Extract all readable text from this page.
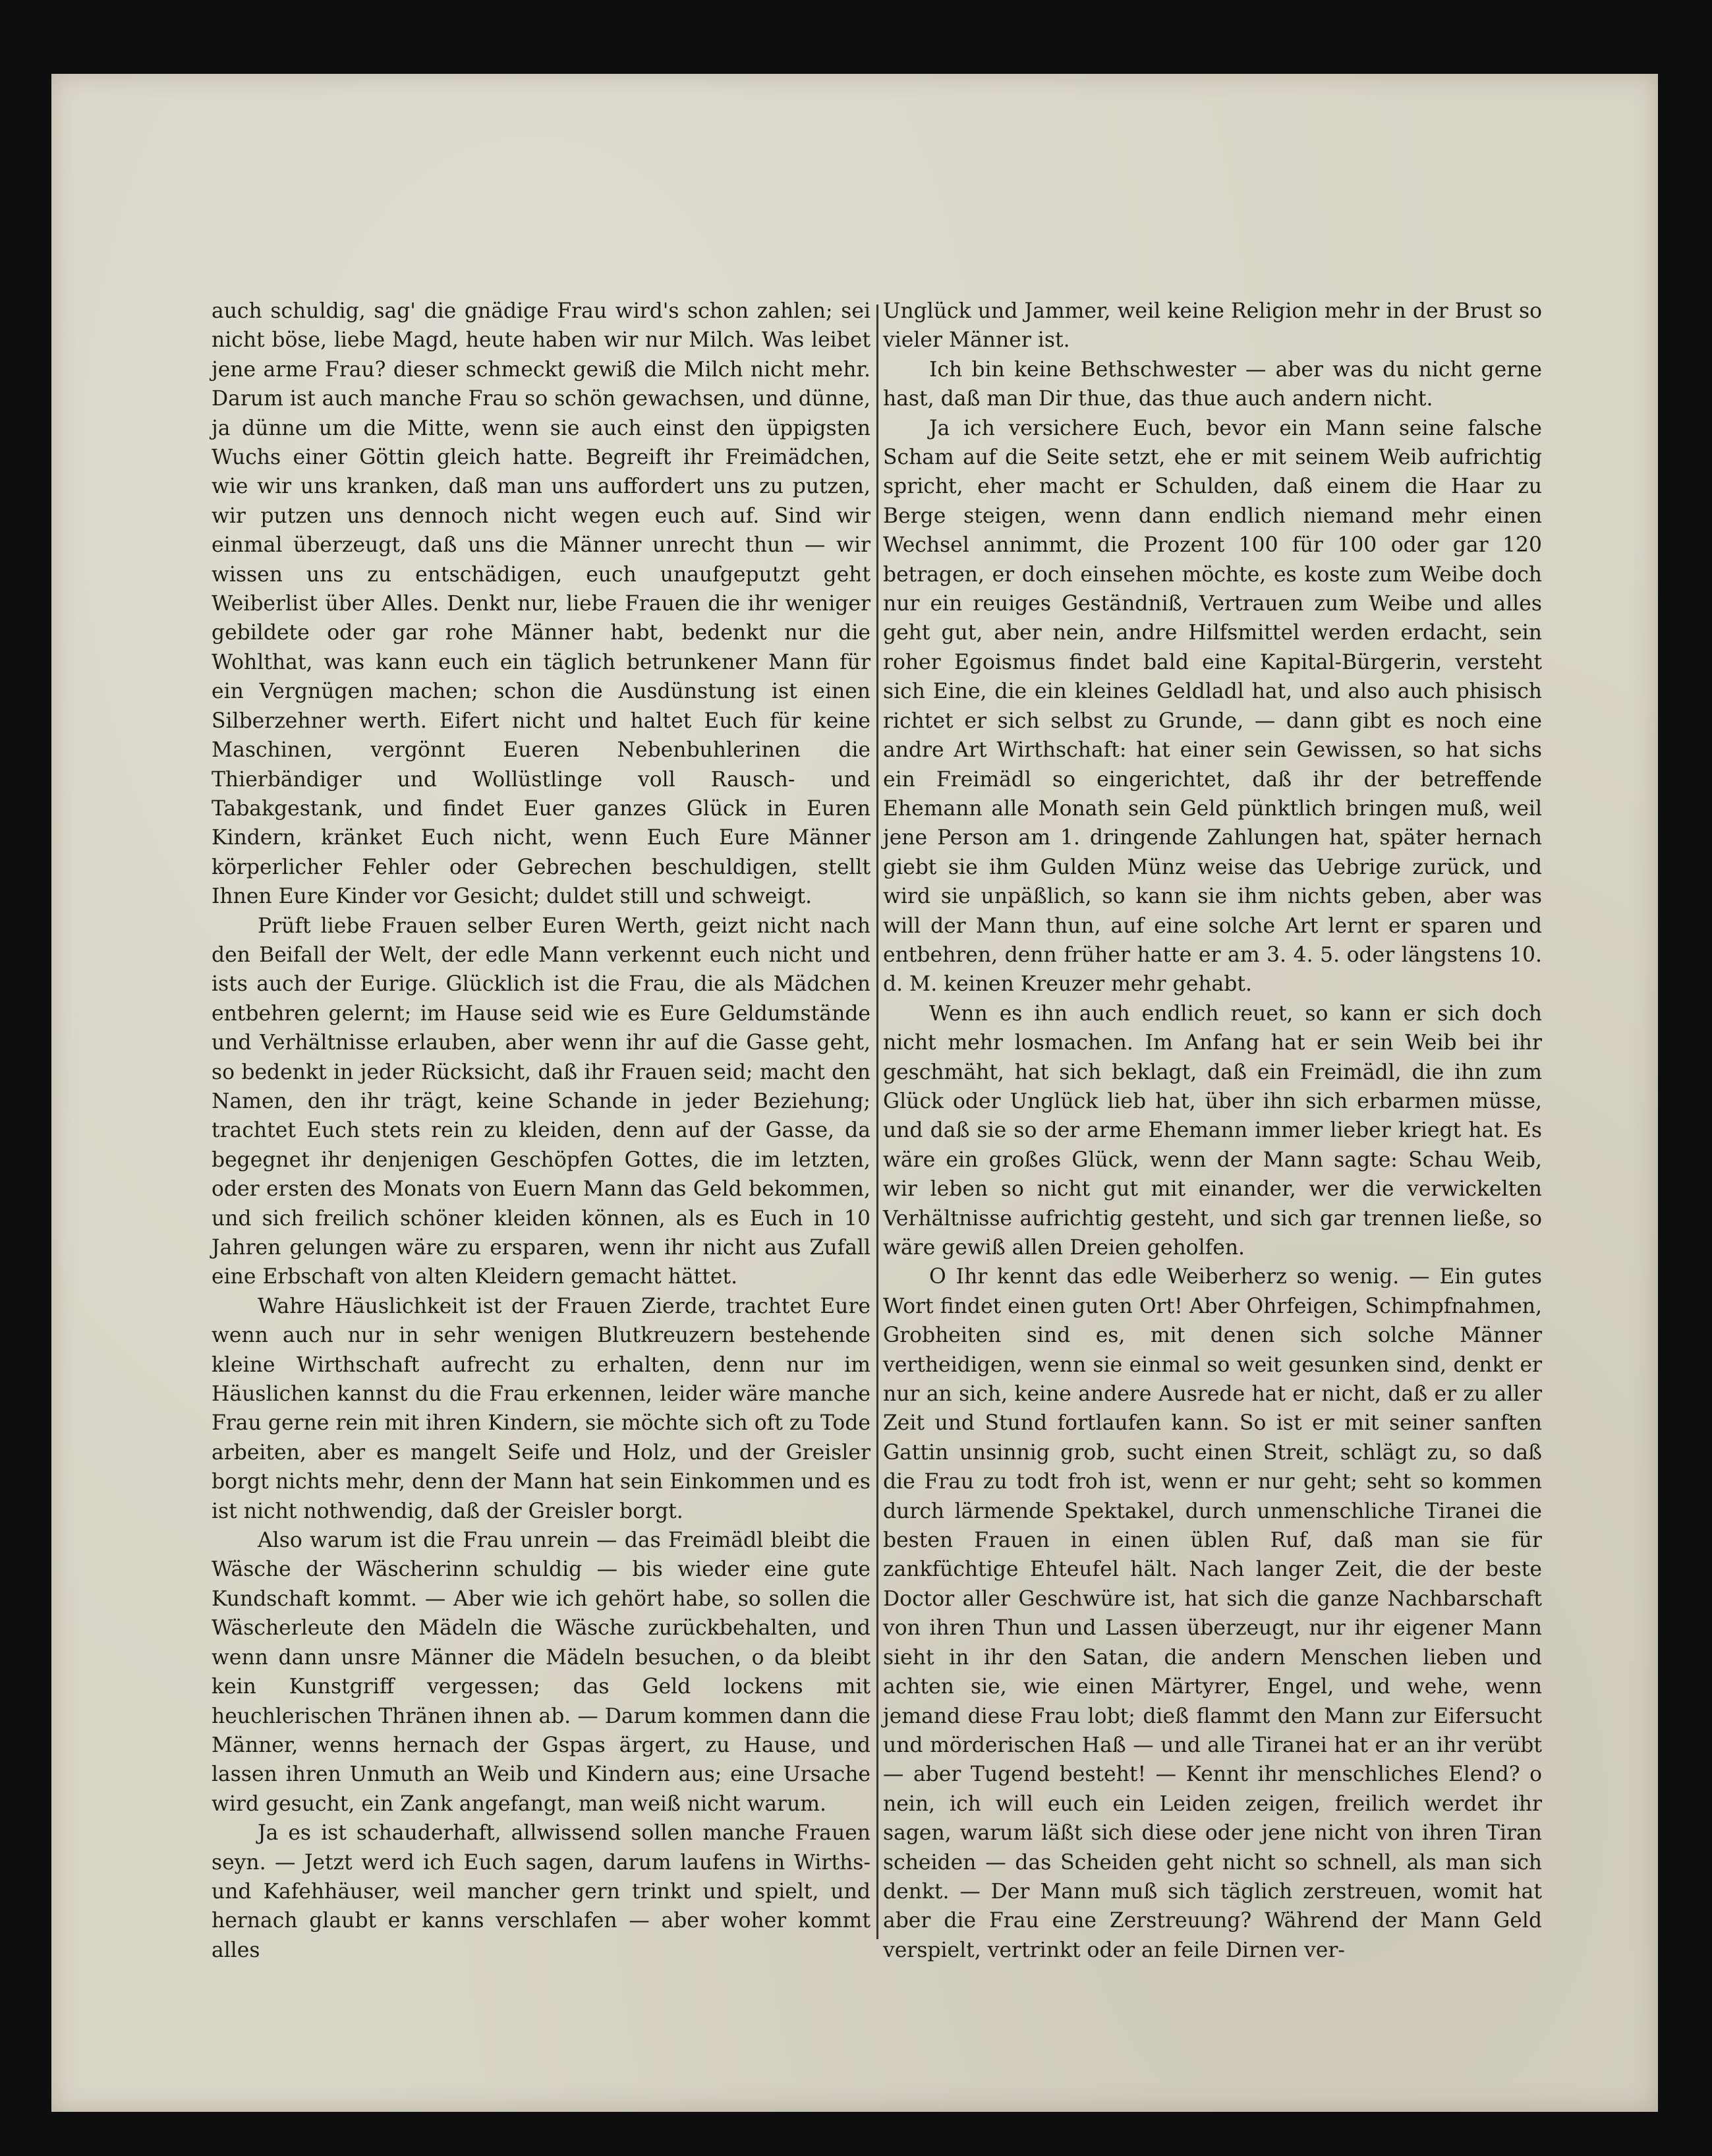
auch schuldig, sag' die gnädige Frau wird's schon zahlen; sei nicht böse, liebe Magd, heute haben wir nur Milch. Was leibet jene arme Frau? dieser schmeckt gewiß die Milch nicht mehr. Darum ist auch manche Frau so schön gewachsen, und dünne, ja dünne um die Mitte, wenn sie auch einst den üppigsten Wuchs einer Göttin gleich hatte. Begreift ihr Freimädchen, wie wir uns kranken, daß man uns auffordert uns zu putzen, wir putzen uns dennoch nicht wegen euch auf. Sind wir einmal überzeugt, daß uns die Männer unrecht thun — wir wissen uns zu entschädigen, euch unaufgeputzt geht Weiberlist über Alles. Denkt nur, liebe Frauen die ihr weniger gebildete oder gar rohe Männer habt, bedenkt nur die Wohlthat, was kann euch ein täglich betrunkener Mann für ein Vergnügen machen; schon die Ausdünstung ist einen Silberzehner werth. Eifert nicht und haltet Euch für keine Maschinen, vergönnt Eueren Nebenbuhlerinen die Thierbändiger und Wollüstlinge voll Rausch- und Tabakgestank, und findet Euer ganzes Glück in Euren Kindern, kränket Euch nicht, wenn Euch Eure Männer körperlicher Fehler oder Gebrechen beschuldigen, stellt Ihnen Eure Kinder vor Gesicht; duldet still und schweigt.

Prüft liebe Frauen selber Euren Werth, geizt nicht nach den Beifall der Welt, der edle Mann verkennt euch nicht und ists auch der Eurige. Glücklich ist die Frau, die als Mädchen entbehren gelernt; im Hause seid wie es Eure Geldumstände und Verhältnisse erlauben, aber wenn ihr auf die Gasse geht, so bedenkt in jeder Rücksicht, daß ihr Frauen seid; macht den Namen, den ihr trägt, keine Schande in jeder Beziehung; trachtet Euch stets rein zu kleiden, denn auf der Gasse, da begegnet ihr denjenigen Geschöpfen Gottes, die im letzten, oder ersten des Monats von Euern Mann das Geld bekommen, und sich freilich schöner kleiden können, als es Euch in 10 Jahren gelungen wäre zu ersparen, wenn ihr nicht aus Zufall eine Erbschaft von alten Kleidern gemacht hättet.

Wahre Häuslichkeit ist der Frauen Zierde, trachtet Eure wenn auch nur in sehr wenigen Blutkreuzern bestehende kleine Wirthschaft aufrecht zu erhalten, denn nur im Häuslichen kannst du die Frau erkennen, leider wäre manche Frau gerne rein mit ihren Kindern, sie möchte sich oft zu Tode arbeiten, aber es mangelt Seife und Holz, und der Greisler borgt nichts mehr, denn der Mann hat sein Einkommen und es ist nicht nothwendig, daß der Greisler borgt.

Also warum ist die Frau unrein — das Freimädl bleibt die Wäsche der Wäscherinn schuldig — bis wieder eine gute Kundschaft kommt. — Aber wie ich gehört habe, so sollen die Wäscherleute den Mädeln die Wäsche zurückbehalten, und wenn dann unsre Männer die Mädeln besuchen, o da bleibt kein Kunstgriff vergessen; das Geld lockens mit heuchlerischen Thränen ihnen ab. — Darum kommen dann die Männer, wenns hernach der Gspas ärgert, zu Hause, und lassen ihren Unmuth an Weib und Kindern aus; eine Ursache wird gesucht, ein Zank angefangt, man weiß nicht warum.

Ja es ist schauderhaft, allwissend sollen manche Frauen seyn. — Jetzt werd ich Euch sagen, darum laufens in Wirths- und Kafehhäuser, weil mancher gern trinkt und spielt, und hernach glaubt er kanns verschlafen — aber woher kommt alles

Unglück und Jammer, weil keine Religion mehr in der Brust so vieler Männer ist.

Ich bin keine Bethschwester — aber was du nicht gerne hast, daß man Dir thue, das thue auch andern nicht.

Ja ich versichere Euch, bevor ein Mann seine falsche Scham auf die Seite setzt, ehe er mit seinem Weib aufrichtig spricht, eher macht er Schulden, daß einem die Haar zu Berge steigen, wenn dann endlich niemand mehr einen Wechsel annimmt, die Prozent 100 für 100 oder gar 120 betragen, er doch einsehen möchte, es koste zum Weibe doch nur ein reuiges Geständniß, Vertrauen zum Weibe und alles geht gut, aber nein, andre Hilfsmittel werden erdacht, sein roher Egoismus findet bald eine Kapital-Bürgerin, versteht sich Eine, die ein kleines Geldladl hat, und also auch phisisch richtet er sich selbst zu Grunde, — dann gibt es noch eine andre Art Wirthschaft: hat einer sein Gewissen, so hat sichs ein Freimädl so eingerichtet, daß ihr der betreffende Ehemann alle Monath sein Geld pünktlich bringen muß, weil jene Person am 1. dringende Zahlungen hat, später hernach giebt sie ihm Gulden Münz weise das Uebrige zurück, und wird sie unpäßlich, so kann sie ihm nichts geben, aber was will der Mann thun, auf eine solche Art lernt er sparen und entbehren, denn früher hatte er am 3. 4. 5. oder längstens 10. d. M. keinen Kreuzer mehr gehabt.

Wenn es ihn auch endlich reuet, so kann er sich doch nicht mehr losmachen. Im Anfang hat er sein Weib bei ihr geschmäht, hat sich beklagt, daß ein Freimädl, die ihn zum Glück oder Unglück lieb hat, über ihn sich erbarmen müsse, und daß sie so der arme Ehemann immer lieber kriegt hat. Es wäre ein großes Glück, wenn der Mann sagte: Schau Weib, wir leben so nicht gut mit einander, wer die verwickelten Verhältnisse aufrichtig gesteht, und sich gar trennen ließe, so wäre gewiß allen Dreien geholfen.

O Ihr kennt das edle Weiberherz so wenig. — Ein gutes Wort findet einen guten Ort! Aber Ohrfeigen, Schimpfnahmen, Grobheiten sind es, mit denen sich solche Männer vertheidigen, wenn sie einmal so weit gesunken sind, denkt er nur an sich, keine andere Ausrede hat er nicht, daß er zu aller Zeit und Stund fortlaufen kann. So ist er mit seiner sanften Gattin unsinnig grob, sucht einen Streit, schlägt zu, so daß die Frau zu todt froh ist, wenn er nur geht; seht so kommen durch lärmende Spektakel, durch unmenschliche Tiranei die besten Frauen in einen üblen Ruf, daß man sie für zankfüchtige Ehteufel hält. Nach langer Zeit, die der beste Doctor aller Geschwüre ist, hat sich die ganze Nachbarschaft von ihren Thun und Lassen überzeugt, nur ihr eigener Mann sieht in ihr den Satan, die andern Menschen lieben und achten sie, wie einen Märtyrer, Engel, und wehe, wenn jemand diese Frau lobt; dieß flammt den Mann zur Eifersucht und mörderischen Haß — und alle Tiranei hat er an ihr verübt — aber Tugend besteht! — Kennt ihr menschliches Elend? o nein, ich will euch ein Leiden zeigen, freilich werdet ihr sagen, warum läßt sich diese oder jene nicht von ihren Tiran scheiden — das Scheiden geht nicht so schnell, als man sich denkt. — Der Mann muß sich täglich zerstreuen, womit hat aber die Frau eine Zerstreuung? Während der Mann Geld verspielt, vertrinkt oder an feile Dirnen ver-
